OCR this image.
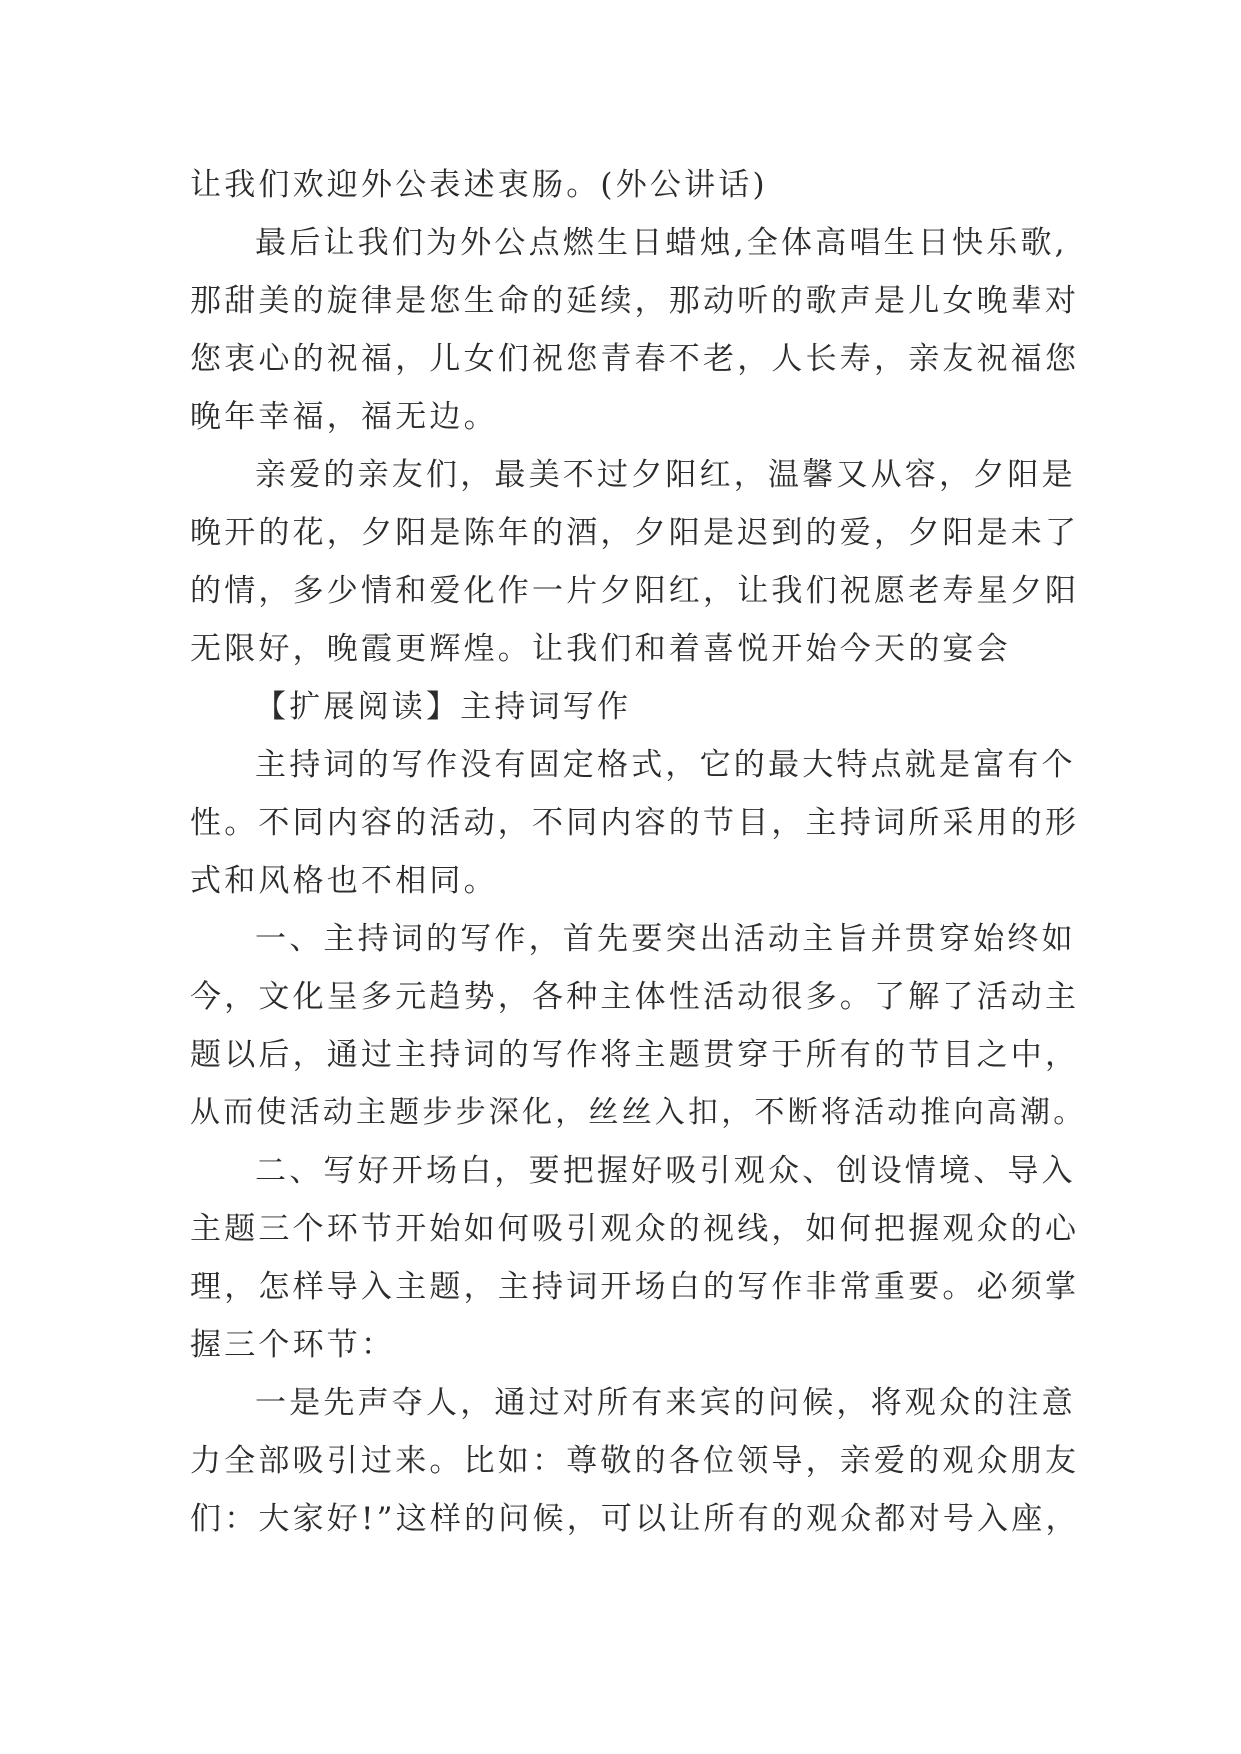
让我们欢迎外公表述衷肠。(外公讲话)

最后让我们为外公点燃生日蜡烛,全体高唱生日快乐歌,

那甜美的旋律是您生命的延续，那动听的歌声是儿女晚辈对

您衷心的祝福，儿女们祝您青春不老，人长寿，亲友祝福您

晚年幸福，福无边。

亲爱的亲友们，最美不过夕阳红，温馨又从容，夕阳是

晚开的花，夕阳是陈年的酒，夕阳是迟到的爱，夕阳是未了

的情，多少情和爱化作一片夕阳红，让我们祝愿老寿星夕阳

无限好，晚霞更辉煌。让我们和着喜悦开始今天的宴会

【扩展阅读】主持词写作

主持词的写作没有固定格式，它的最大特点就是富有个

性。不同内容的活动，不同内容的节目，主持词所采用的形

式和风格也不相同。

一、主持词的写作，首先要突出活动主旨并贯穿始终如

今，文化呈多元趋势，各种主体性活动很多。了解了活动主

题以后，通过主持词的写作将主题贯穿于所有的节目之中，

从而使活动主题步步深化，丝丝入扣，不断将活动推向高潮。

二、写好开场白，要把握好吸引观众、创设情境、导入

主题三个环节开始如何吸引观众的视线，如何把握观众的心

理，怎样导入主题，主持词开场白的写作非常重要。必须掌

握三个环节：

一是先声夺人，通过对所有来宾的问候，将观众的注意

力全部吸引过来。比如：尊敬的各位领导，亲爱的观众朋友

们：大家好!”这样的问候，可以让所有的观众都对号入座，
